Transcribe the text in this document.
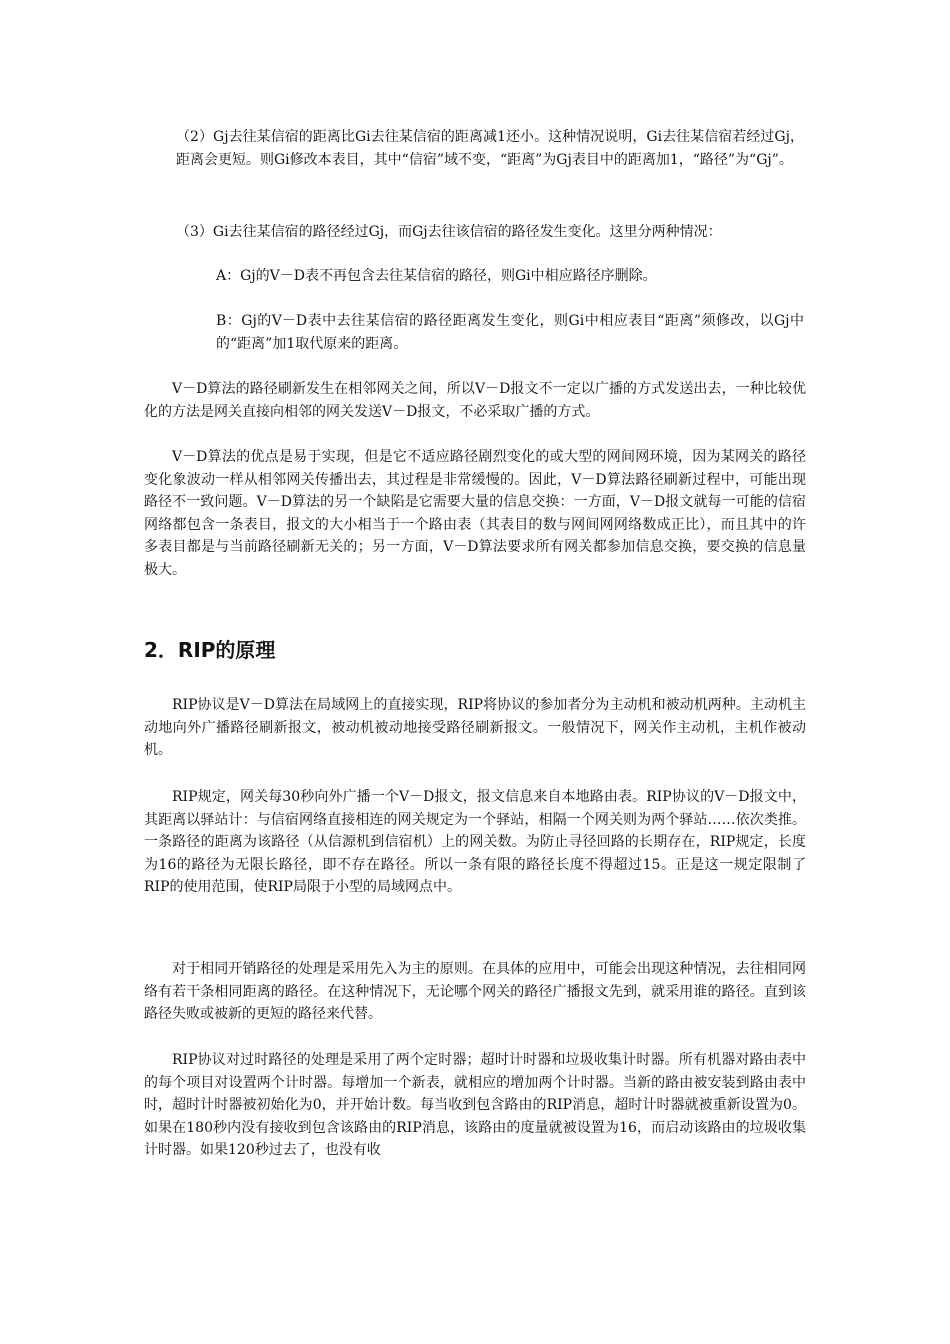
（2）Gj去往某信宿的距离比Gi去往某信宿的距离减1还小。这种情况说明，Gi去往某信宿若经过Gj，距离会更短。则Gi修改本表目，其中“信宿”域不变，“距离”为Gj表目中的距离加1，“路径”为“Gj”。

（3）Gi去往某信宿的路径经过Gj，而Gj去往该信宿的路径发生变化。这里分两种情况：

A：Gj的V－D表不再包含去往某信宿的路径，则Gi中相应路径序删除。

B：Gj的V－D表中去往某信宿的路径距离发生变化，则Gi中相应表目“距离”须修改，以Gj中的“距离”加1取代原来的距离。

V－D算法的路径刷新发生在相邻网关之间，所以V－D报文不一定以广播的方式发送出去，一种比较优化的方法是网关直接向相邻的网关发送V－D报文，不必采取广播的方式。

V－D算法的优点是易于实现，但是它不适应路径剧烈变化的或大型的网间网环境，因为某网关的路径变化象波动一样从相邻网关传播出去，其过程是非常缓慢的。因此，V－D算法路径刷新过程中，可能出现路径不一致问题。V－D算法的另一个缺陷是它需要大量的信息交换：一方面，V－D报文就每一可能的信宿网络都包含一条表目，报文的大小相当于一个路由表（其表目的数与网间网网络数成正比），而且其中的许多表目都是与当前路径刷新无关的；另一方面，V－D算法要求所有网关都参加信息交换，要交换的信息量极大。

2．RIP的原理

RIP协议是V－D算法在局域网上的直接实现，RIP将协议的参加者分为主动机和被动机两种。主动机主动地向外广播路径刷新报文，被动机被动地接受路径刷新报文。一般情况下，网关作主动机，主机作被动机。

RIP规定，网关每30秒向外广播一个V－D报文，报文信息来自本地路由表。RIP协议的V－D报文中，其距离以驿站计：与信宿网络直接相连的网关规定为一个驿站，相隔一个网关则为两个驿站……依次类推。一条路径的距离为该路径（从信源机到信宿机）上的网关数。为防止寻径回路的长期存在，RIP规定，长度为16的路径为无限长路径，即不存在路径。所以一条有限的路径长度不得超过15。正是这一规定限制了RIP的使用范围，使RIP局限于小型的局域网点中。

对于相同开销路径的处理是采用先入为主的原则。在具体的应用中，可能会出现这种情况，去往相同网络有若干条相同距离的路径。在这种情况下，无论哪个网关的路径广播报文先到，就采用谁的路径。直到该路径失败或被新的更短的路径来代替。

RIP协议对过时路径的处理是采用了两个定时器；超时计时器和垃圾收集计时器。所有机器对路由表中的每个项目对设置两个计时器。每增加一个新表，就相应的增加两个计时器。当新的路由被安装到路由表中时，超时计时器被初始化为0，并开始计数。每当收到包含路由的RIP消息，超时计时器就被重新设置为0。如果在180秒内没有接收到包含该路由的RIP消息，该路由的度量就被设置为16，而启动该路由的垃圾收集计时器。如果120秒过去了，也没有收
